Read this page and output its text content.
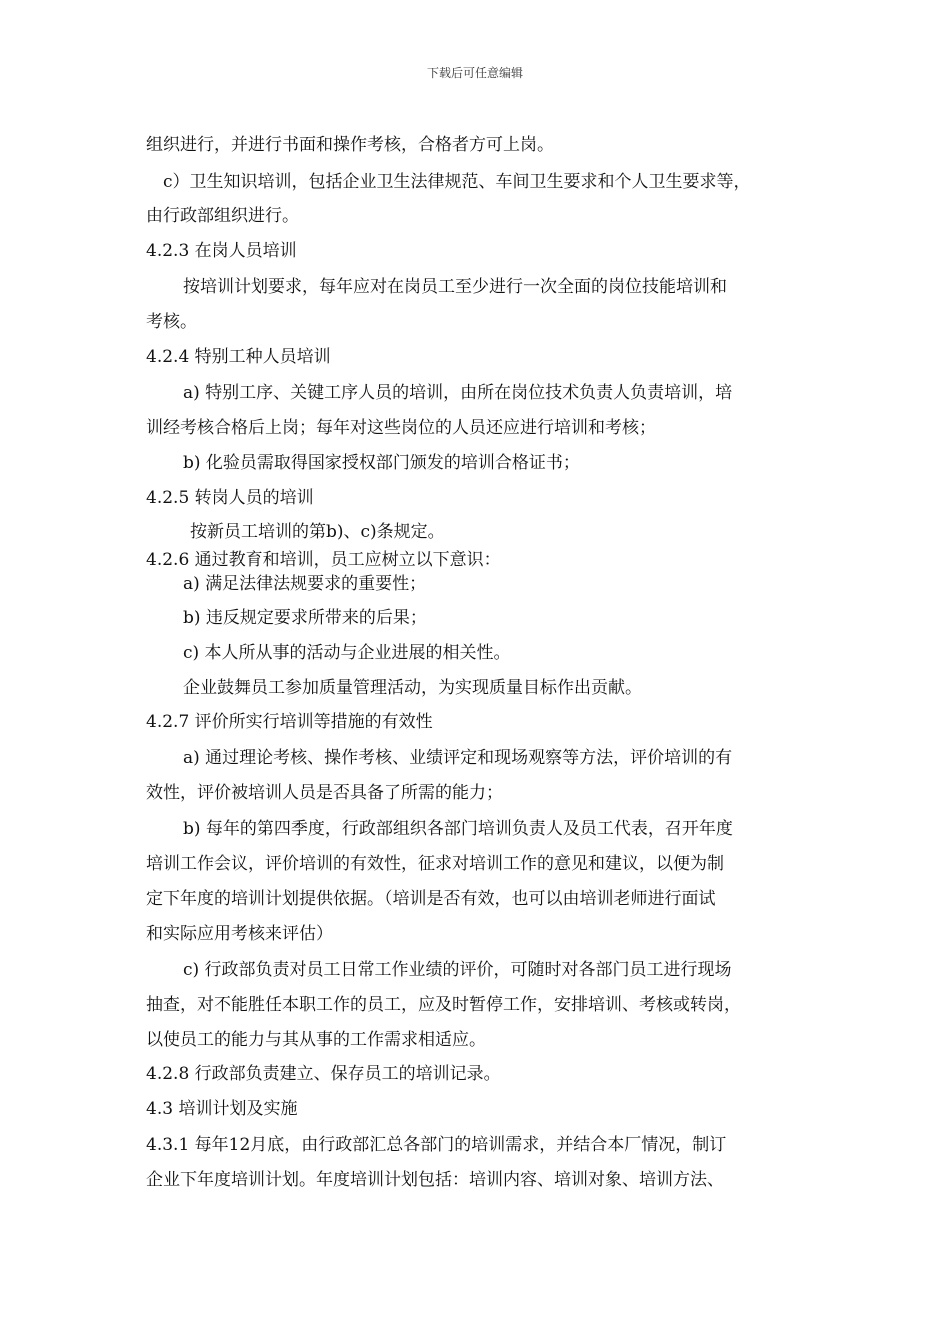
下载后可任意编辑
组织进行，并进行书面和操作考核，合格者方可上岗。
c）卫生知识培训，包括企业卫生法律规范、车间卫生要求和个人卫生要求等，
由行政部组织进行。
4.2.3 在岗人员培训
按培训计划要求，每年应对在岗员工至少进行一次全面的岗位技能培训和
考核。
4.2.4 特别工种人员培训
a) 特别工序、关键工序人员的培训，由所在岗位技术负责人负责培训，培
训经考核合格后上岗；每年对这些岗位的人员还应进行培训和考核；
b) 化验员需取得国家授权部门颁发的培训合格证书；
4.2.5 转岗人员的培训
按新员工培训的第b)、c)条规定。
4.2.6 通过教育和培训，员工应树立以下意识：
a) 满足法律法规要求的重要性；
b) 违反规定要求所带来的后果；
c) 本人所从事的活动与企业进展的相关性。
企业鼓舞员工参加质量管理活动，为实现质量目标作出贡献。
4.2.7 评价所实行培训等措施的有效性
a) 通过理论考核、操作考核、业绩评定和现场观察等方法，评价培训的有
效性，评价被培训人员是否具备了所需的能力；
b) 每年的第四季度，行政部组织各部门培训负责人及员工代表，召开年度
培训工作会议，评价培训的有效性，征求对培训工作的意见和建议，以便为制
定下年度的培训计划提供依据。（培训是否有效，也可以由培训老师进行面试
和实际应用考核来评估）
c) 行政部负责对员工日常工作业绩的评价，可随时对各部门员工进行现场
抽查，对不能胜任本职工作的员工，应及时暂停工作，安排培训、考核或转岗，
以使员工的能力与其从事的工作需求相适应。
4.2.8 行政部负责建立、保存员工的培训记录。
4.3 培训计划及实施
4.3.1 每年12月底，由行政部汇总各部门的培训需求，并结合本厂情况，制订
企业下年度培训计划。年度培训计划包括：培训内容、培训对象、培训方法、
